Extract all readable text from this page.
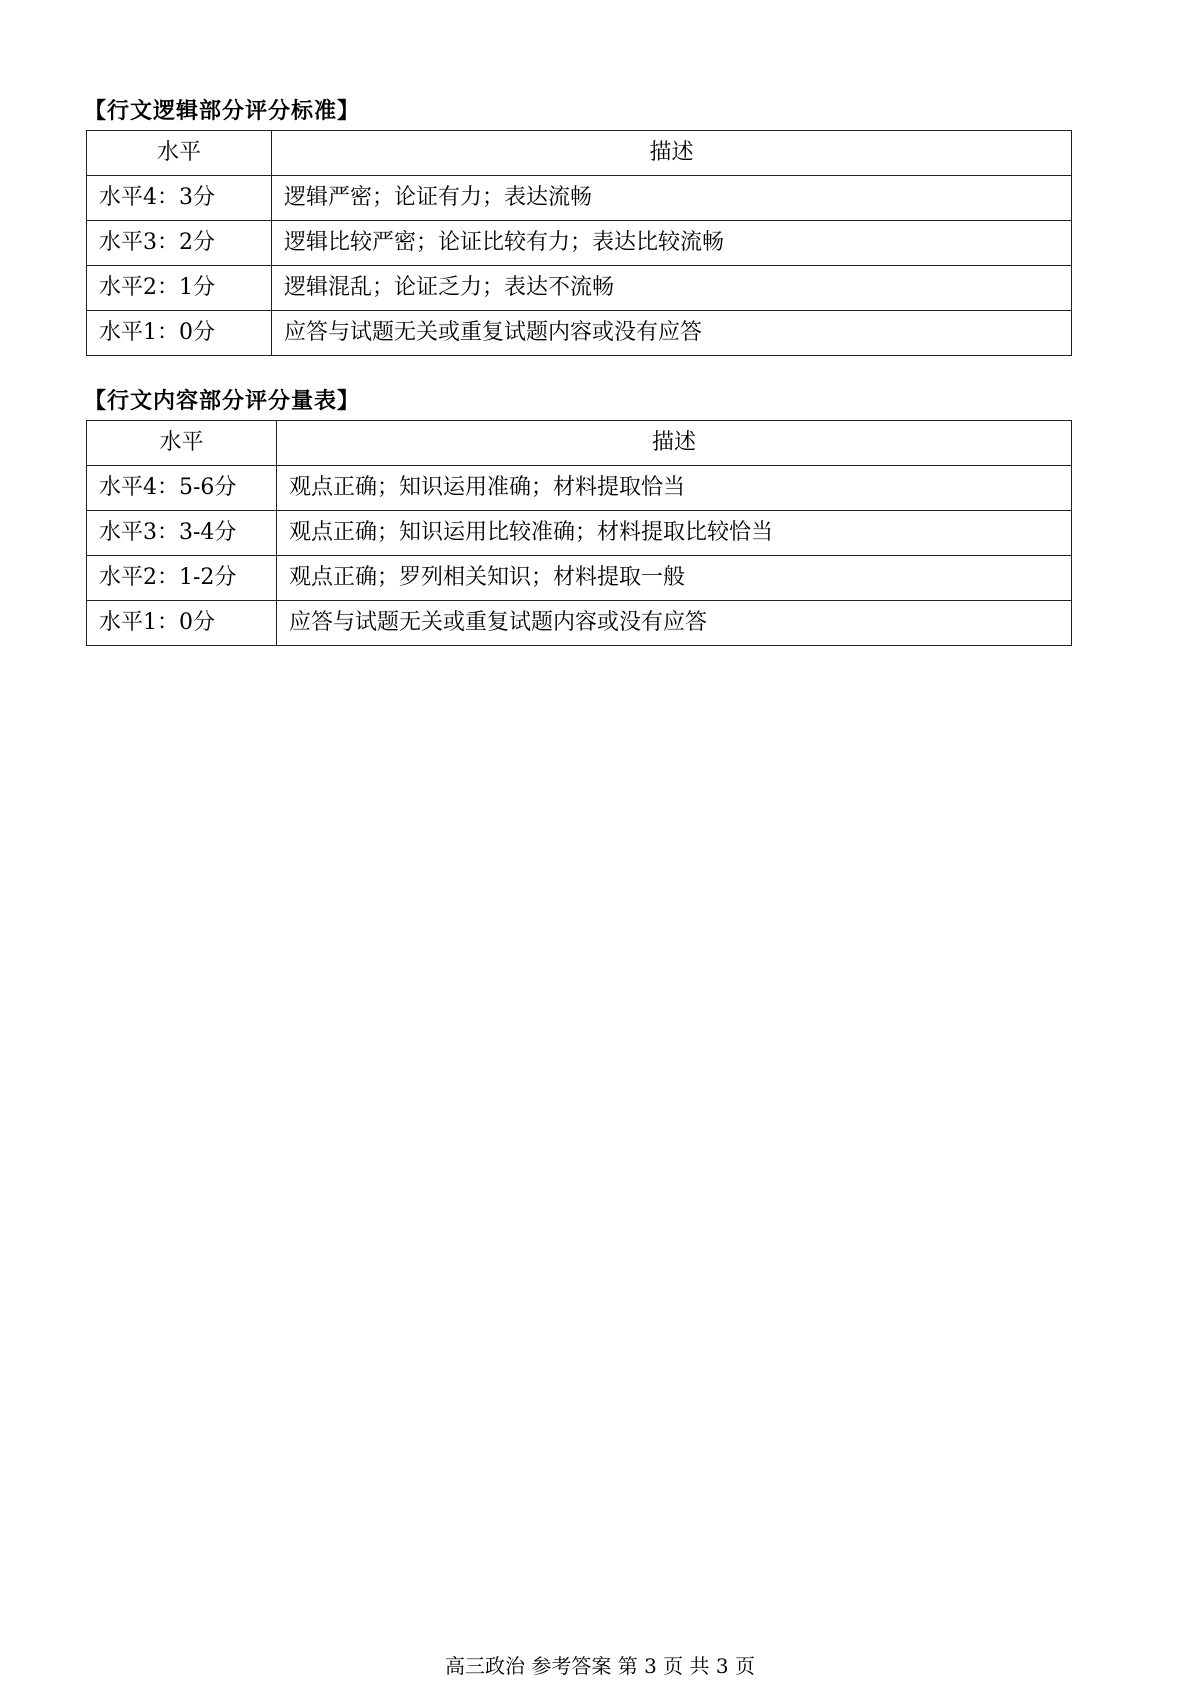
【行文逻辑部分评分标准】
水平	描述
水平4：3分	逻辑严密；论证有力；表达流畅
水平3：2分	逻辑比较严密；论证比较有力；表达比较流畅
水平2：1分	逻辑混乱；论证乏力；表达不流畅
水平1：0分	应答与试题无关或重复试题内容或没有应答
【行文内容部分评分量表】
水平	描述
水平4：5-6分	观点正确；知识运用准确；材料提取恰当
水平3：3-4分	观点正确；知识运用比较准确；材料提取比较恰当
水平2：1-2分	观点正确；罗列相关知识；材料提取一般
水平1：0分	应答与试题无关或重复试题内容或没有应答
高三政治 参考答案 第 3 页 共 3 页
